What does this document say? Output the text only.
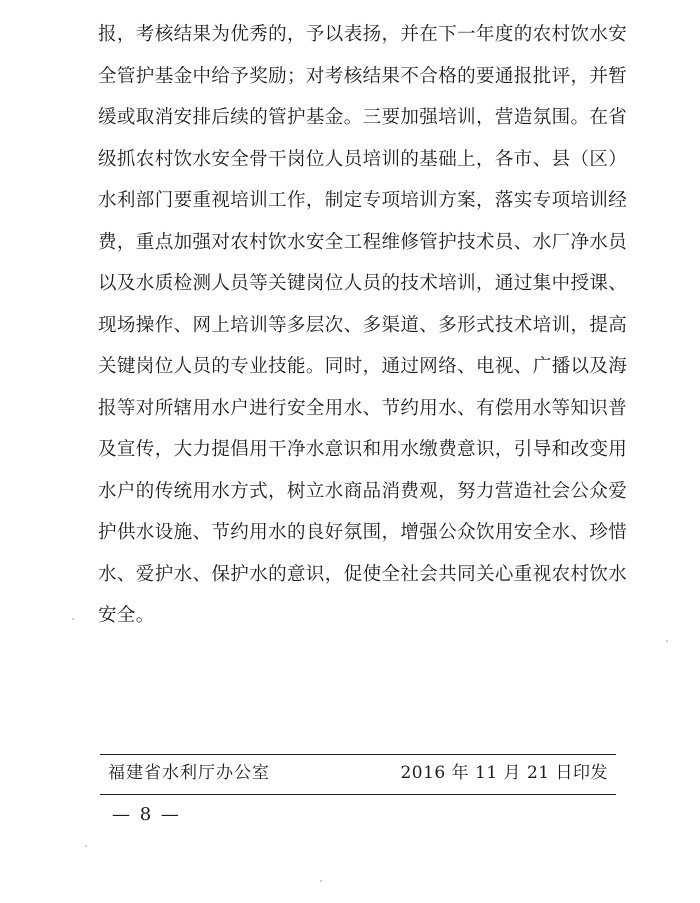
报，考核结果为优秀的，予以表扬，并在下一年度的农村饮水安
全管护基金中给予奖励；对考核结果不合格的要通报批评，并暂
缓或取消安排后续的管护基金。三要加强培训，营造氛围。在省
级抓农村饮水安全骨干岗位人员培训的基础上，各市、县（区）
水利部门要重视培训工作，制定专项培训方案，落实专项培训经
费，重点加强对农村饮水安全工程维修管护技术员、水厂净水员
以及水质检测人员等关键岗位人员的技术培训，通过集中授课、
现场操作、网上培训等多层次、多渠道、多形式技术培训，提高
关键岗位人员的专业技能。同时，通过网络、电视、广播以及海
报等对所辖用水户进行安全用水、节约用水、有偿用水等知识普
及宣传，大力提倡用干净水意识和用水缴费意识，引导和改变用
水户的传统用水方式，树立水商品消费观，努力营造社会公众爱
护供水设施、节约用水的良好氛围，增强公众饮用安全水、珍惜
水、爱护水、保护水的意识，促使全社会共同关心重视农村饮水
安全。
福建省水利厅办公室	2016 年 11 月 21 日印发
— 8 —
